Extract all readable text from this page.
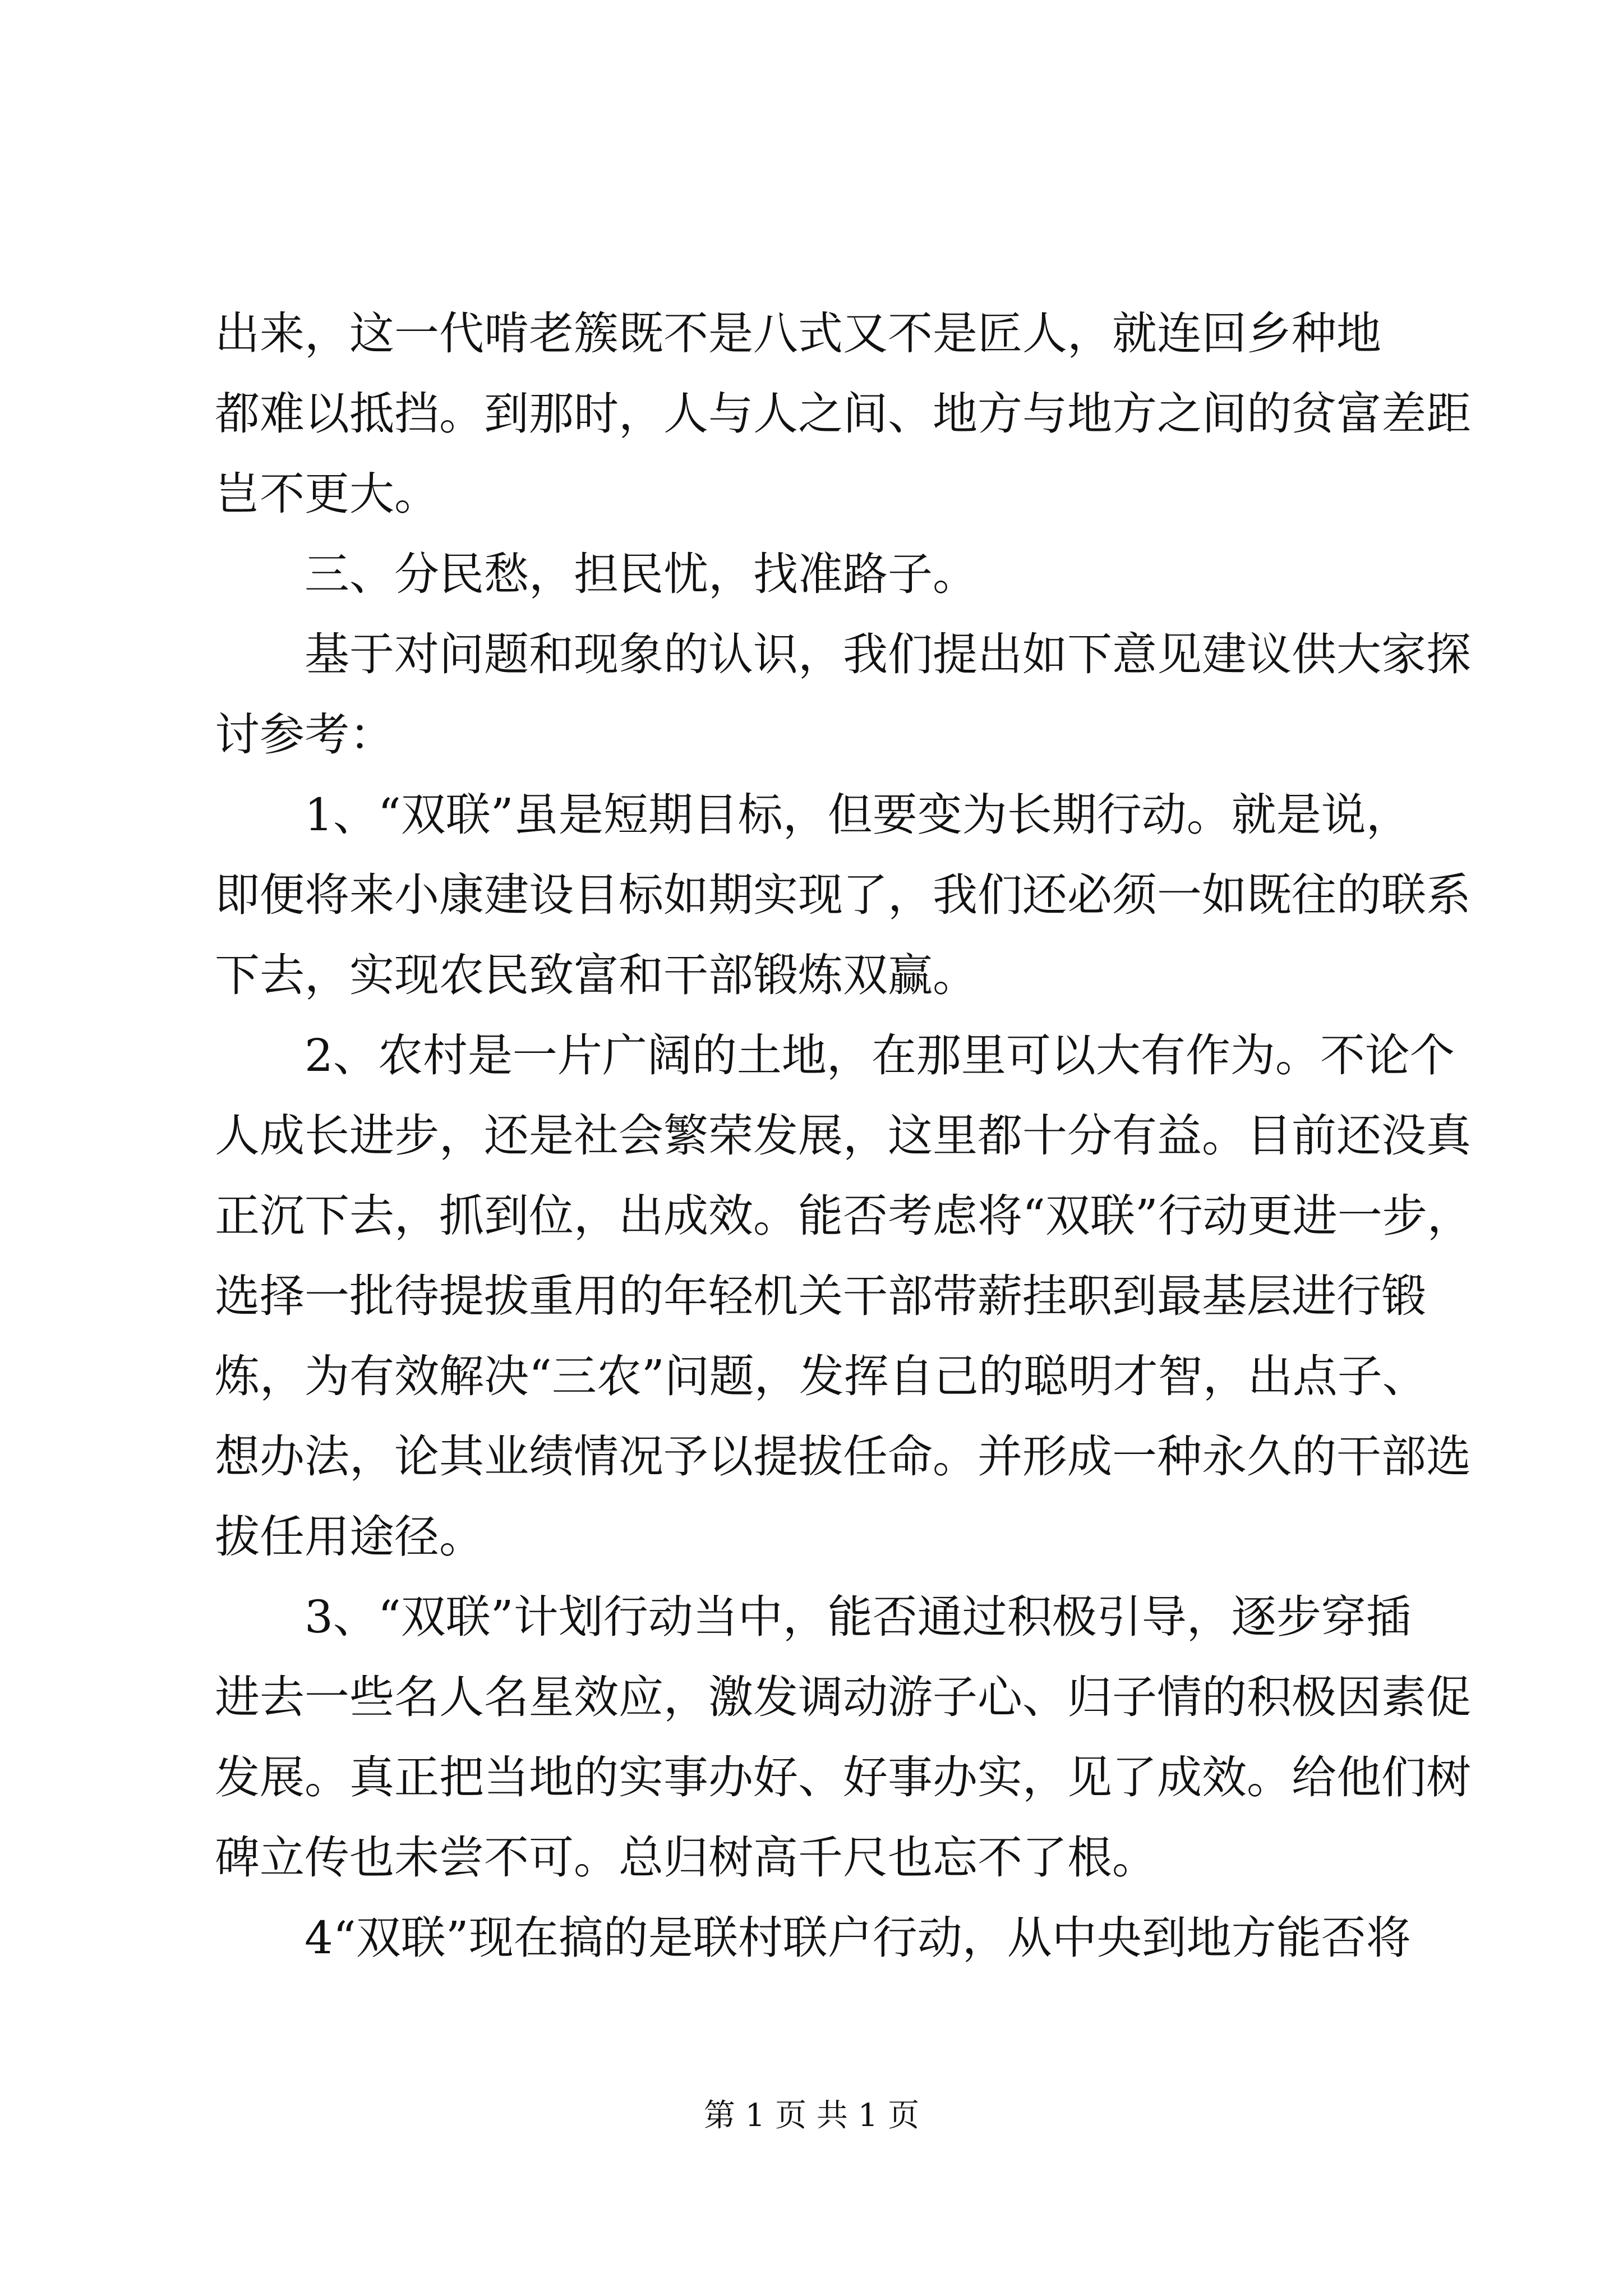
出来，这一代啃老簇既不是八式又不是匠人，就连回乡种地
都难以抵挡。到那时，人与人之间、地方与地方之间的贫富差距
岂不更大。
三、分民愁，担民忧，找准路子。
基于对问题和现象的认识，我们提出如下意见建议供大家探
讨参考：
1、“双联”虽是短期目标，但要变为长期行动。就是说，
即便将来小康建设目标如期实现了，我们还必须一如既往的联系
下去，实现农民致富和干部锻炼双赢。
2、农村是一片广阔的土地，在那里可以大有作为。不论个
人成长进步，还是社会繁荣发展，这里都十分有益。目前还没真
正沉下去，抓到位，出成效。能否考虑将“双联”行动更进一步，
选择一批待提拔重用的年轻机关干部带薪挂职到最基层进行锻
炼，为有效解决“三农”问题，发挥自己的聪明才智，出点子、
想办法，论其业绩情况予以提拔任命。并形成一种永久的干部选
拔任用途径。
3、“双联”计划行动当中，能否通过积极引导，逐步穿插
进去一些名人名星效应，激发调动游子心、归子情的积极因素促
发展。真正把当地的实事办好、好事办实，见了成效。给他们树
碑立传也未尝不可。总归树高千尺也忘不了根。
4“双联”现在搞的是联村联户行动，从中央到地方能否将
第 1 页 共 1 页
